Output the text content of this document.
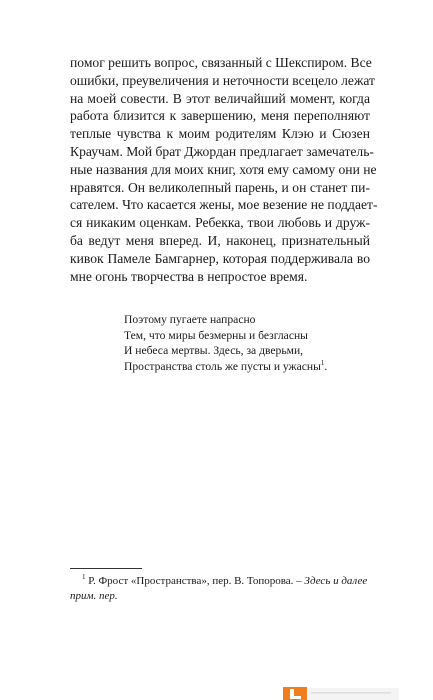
помог решить вопрос, связанный с Шекспиром. Все
ошибки, преувеличения и неточности всецело лежат
на моей совести. В этот величайший момент, когда
работа близится к завершению, меня переполняют
теплые чувства к моим родителям Клэю и Сюзен
Краучам. Мой брат Джордан предлагает замечатель-
ные названия для моих книг, хотя ему самому они не
нравятся. Он великолепный парень, и он станет пи-
сателем. Что касается жены, мое везение не поддает-
ся никаким оценкам. Ребекка, твои любовь и друж-
ба ведут меня вперед. И, наконец, признательный
кивок Памеле Бамгарнер, которая поддерживала во
мне огонь творчества в непростое время.
Поэтому пугаете напрасно
Тем, что миры безмерны и безгласны
И небеса мертвы. Здесь, за дверьми,
Пространства столь же пусты и ужасны$^1$.
$^1$ Р. Фрост «Пространства», пер. В. Топорова. – Здесь и далее
прим. пер.
